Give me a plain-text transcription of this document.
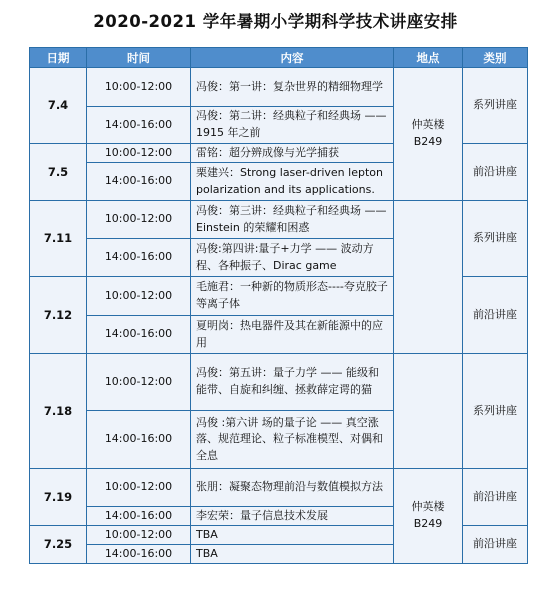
2020-2021 学年暑期小学期科学技术讲座安排
日期	时间	内容	地点	类别
7.4	10:00-12:00	冯俊：第一讲：复杂世界的精细物理学	仲英楼 B249	系列讲座
	14:00-16:00	冯俊：第二讲：经典粒子和经典场 —— 1915 年之前		
7.5	10:00-12:00	雷铭：超分辨成像与光学捕获		前沿讲座
	14:00-16:00	栗建兴：Strong laser-driven lepton polarization and its applications.		
7.11	10:00-12:00	冯俊：第三讲：经典粒子和经典场 —— Einstein 的荣耀和困惑		系列讲座
	14:00-16:00	冯俊:第四讲:量子+力学 —— 波动方程、各种振子、Dirac game		
7.12	10:00-12:00	毛施君：一种新的物质形态----夸克胶子等离子体		前沿讲座
	14:00-16:00	夏明岗：热电器件及其在新能源中的应用		
7.18	10:00-12:00	冯俊：第五讲：量子力学 —— 能级和能带、自旋和纠缠、拯救薛定谔的猫		系列讲座
	14:00-16:00	冯俊 :第六讲 场的量子论 —— 真空涨落、规范理论、粒子标准模型、对偶和全息		
7.19	10:00-12:00	张朋：凝聚态物理前沿与数值模拟方法	仲英楼 B249	前沿讲座
	14:00-16:00	李宏荣：量子信息技术发展		
7.25	10:00-12:00	TBA		前沿讲座
	14:00-16:00	TBA		
